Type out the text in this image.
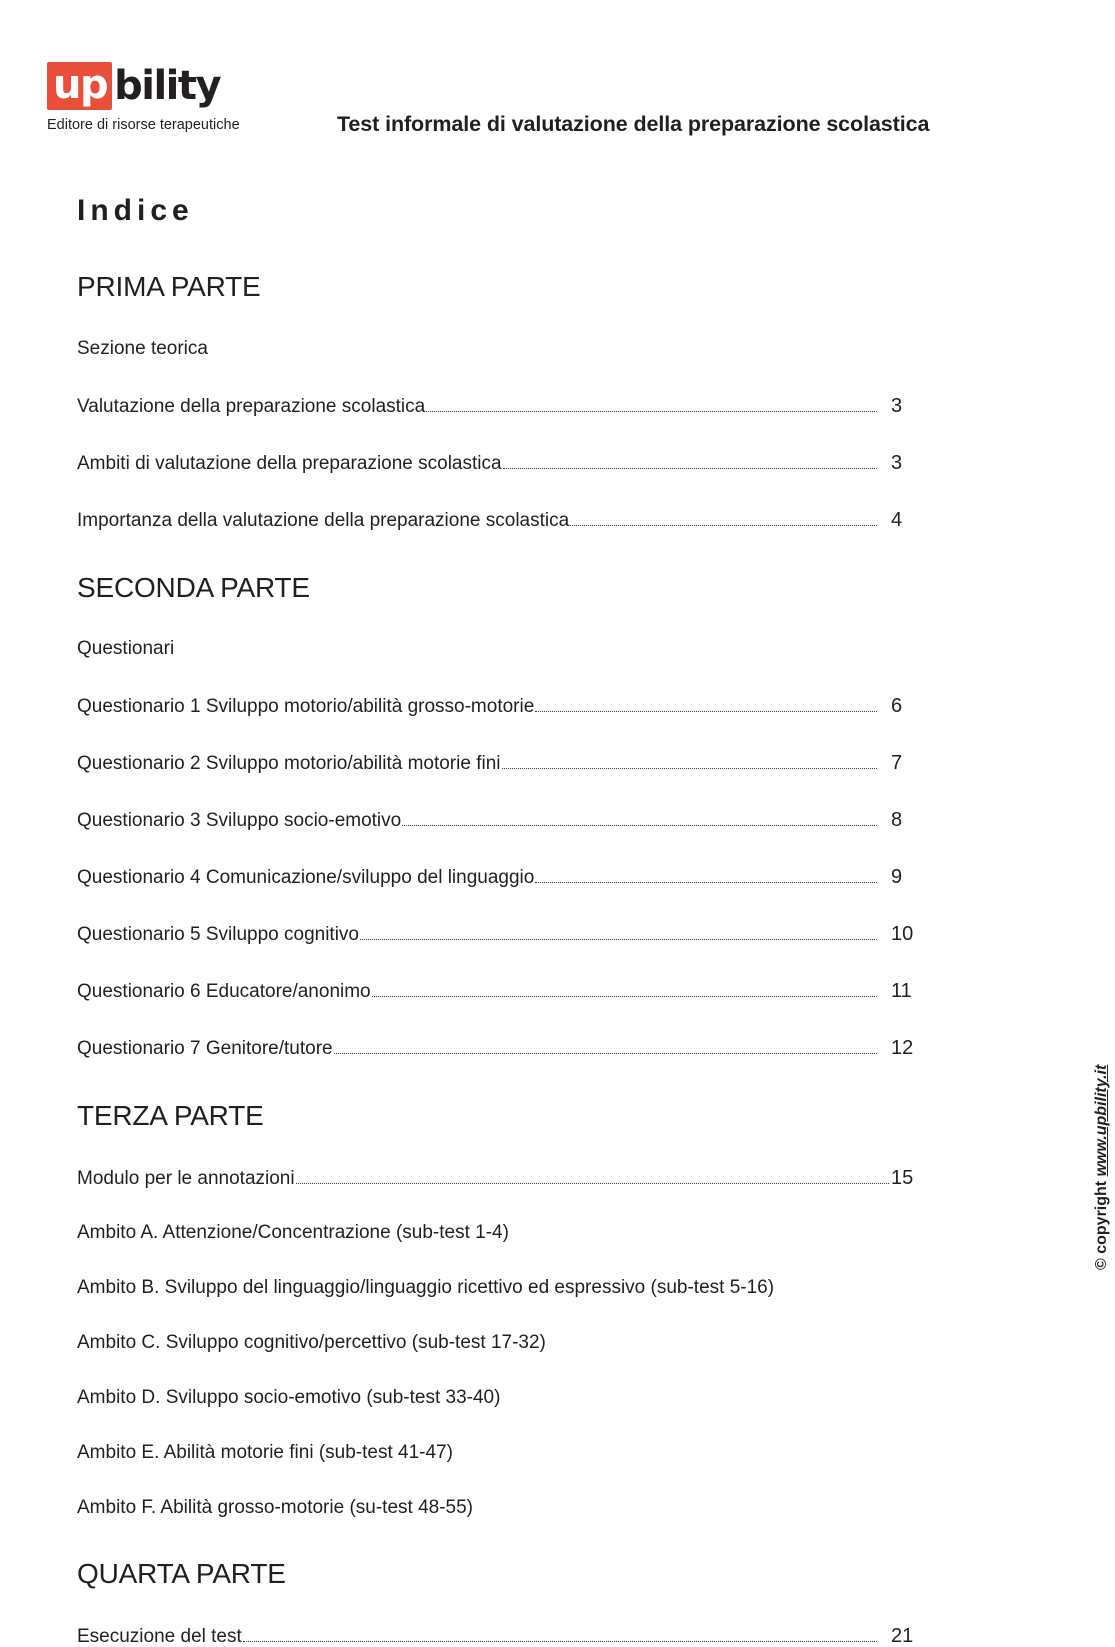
up bility
Editore di risorse terapeutiche	Test informale di valutazione della preparazione scolastica
Indice
PRIMA PARTE
Sezione teorica
Valutazione della preparazione scolastica	3
Ambiti di valutazione della preparazione scolastica	3
Importanza della valutazione della preparazione scolastica	4
SECONDA PARTE
Questionari
Questionario 1 Sviluppo motorio/abilità grosso-motorie	6
Questionario 2 Sviluppo motorio/abilità motorie fini	7
Questionario 3 Sviluppo socio-emotivo	8
Questionario 4 Comunicazione/sviluppo del linguaggio	9
Questionario 5 Sviluppo cognitivo	10
Questionario 6 Educatore/anonimo	11
Questionario 7 Genitore/tutore	12
TERZA PARTE
Modulo per le annotazioni	15
Ambito A. Attenzione/Concentrazione (sub-test 1-4)
Ambito B. Sviluppo del linguaggio/linguaggio ricettivo ed espressivo (sub-test 5-16)
Ambito C. Sviluppo cognitivo/percettivo (sub-test 17-32)
Ambito D. Sviluppo socio-emotivo (sub-test 33-40)
Ambito E. Abilità motorie fini (sub-test 41-47)
Ambito F. Abilità grosso-motorie (su-test 48-55)
QUARTA PARTE
Esecuzione del test	21
© copyright www.upbility.it
